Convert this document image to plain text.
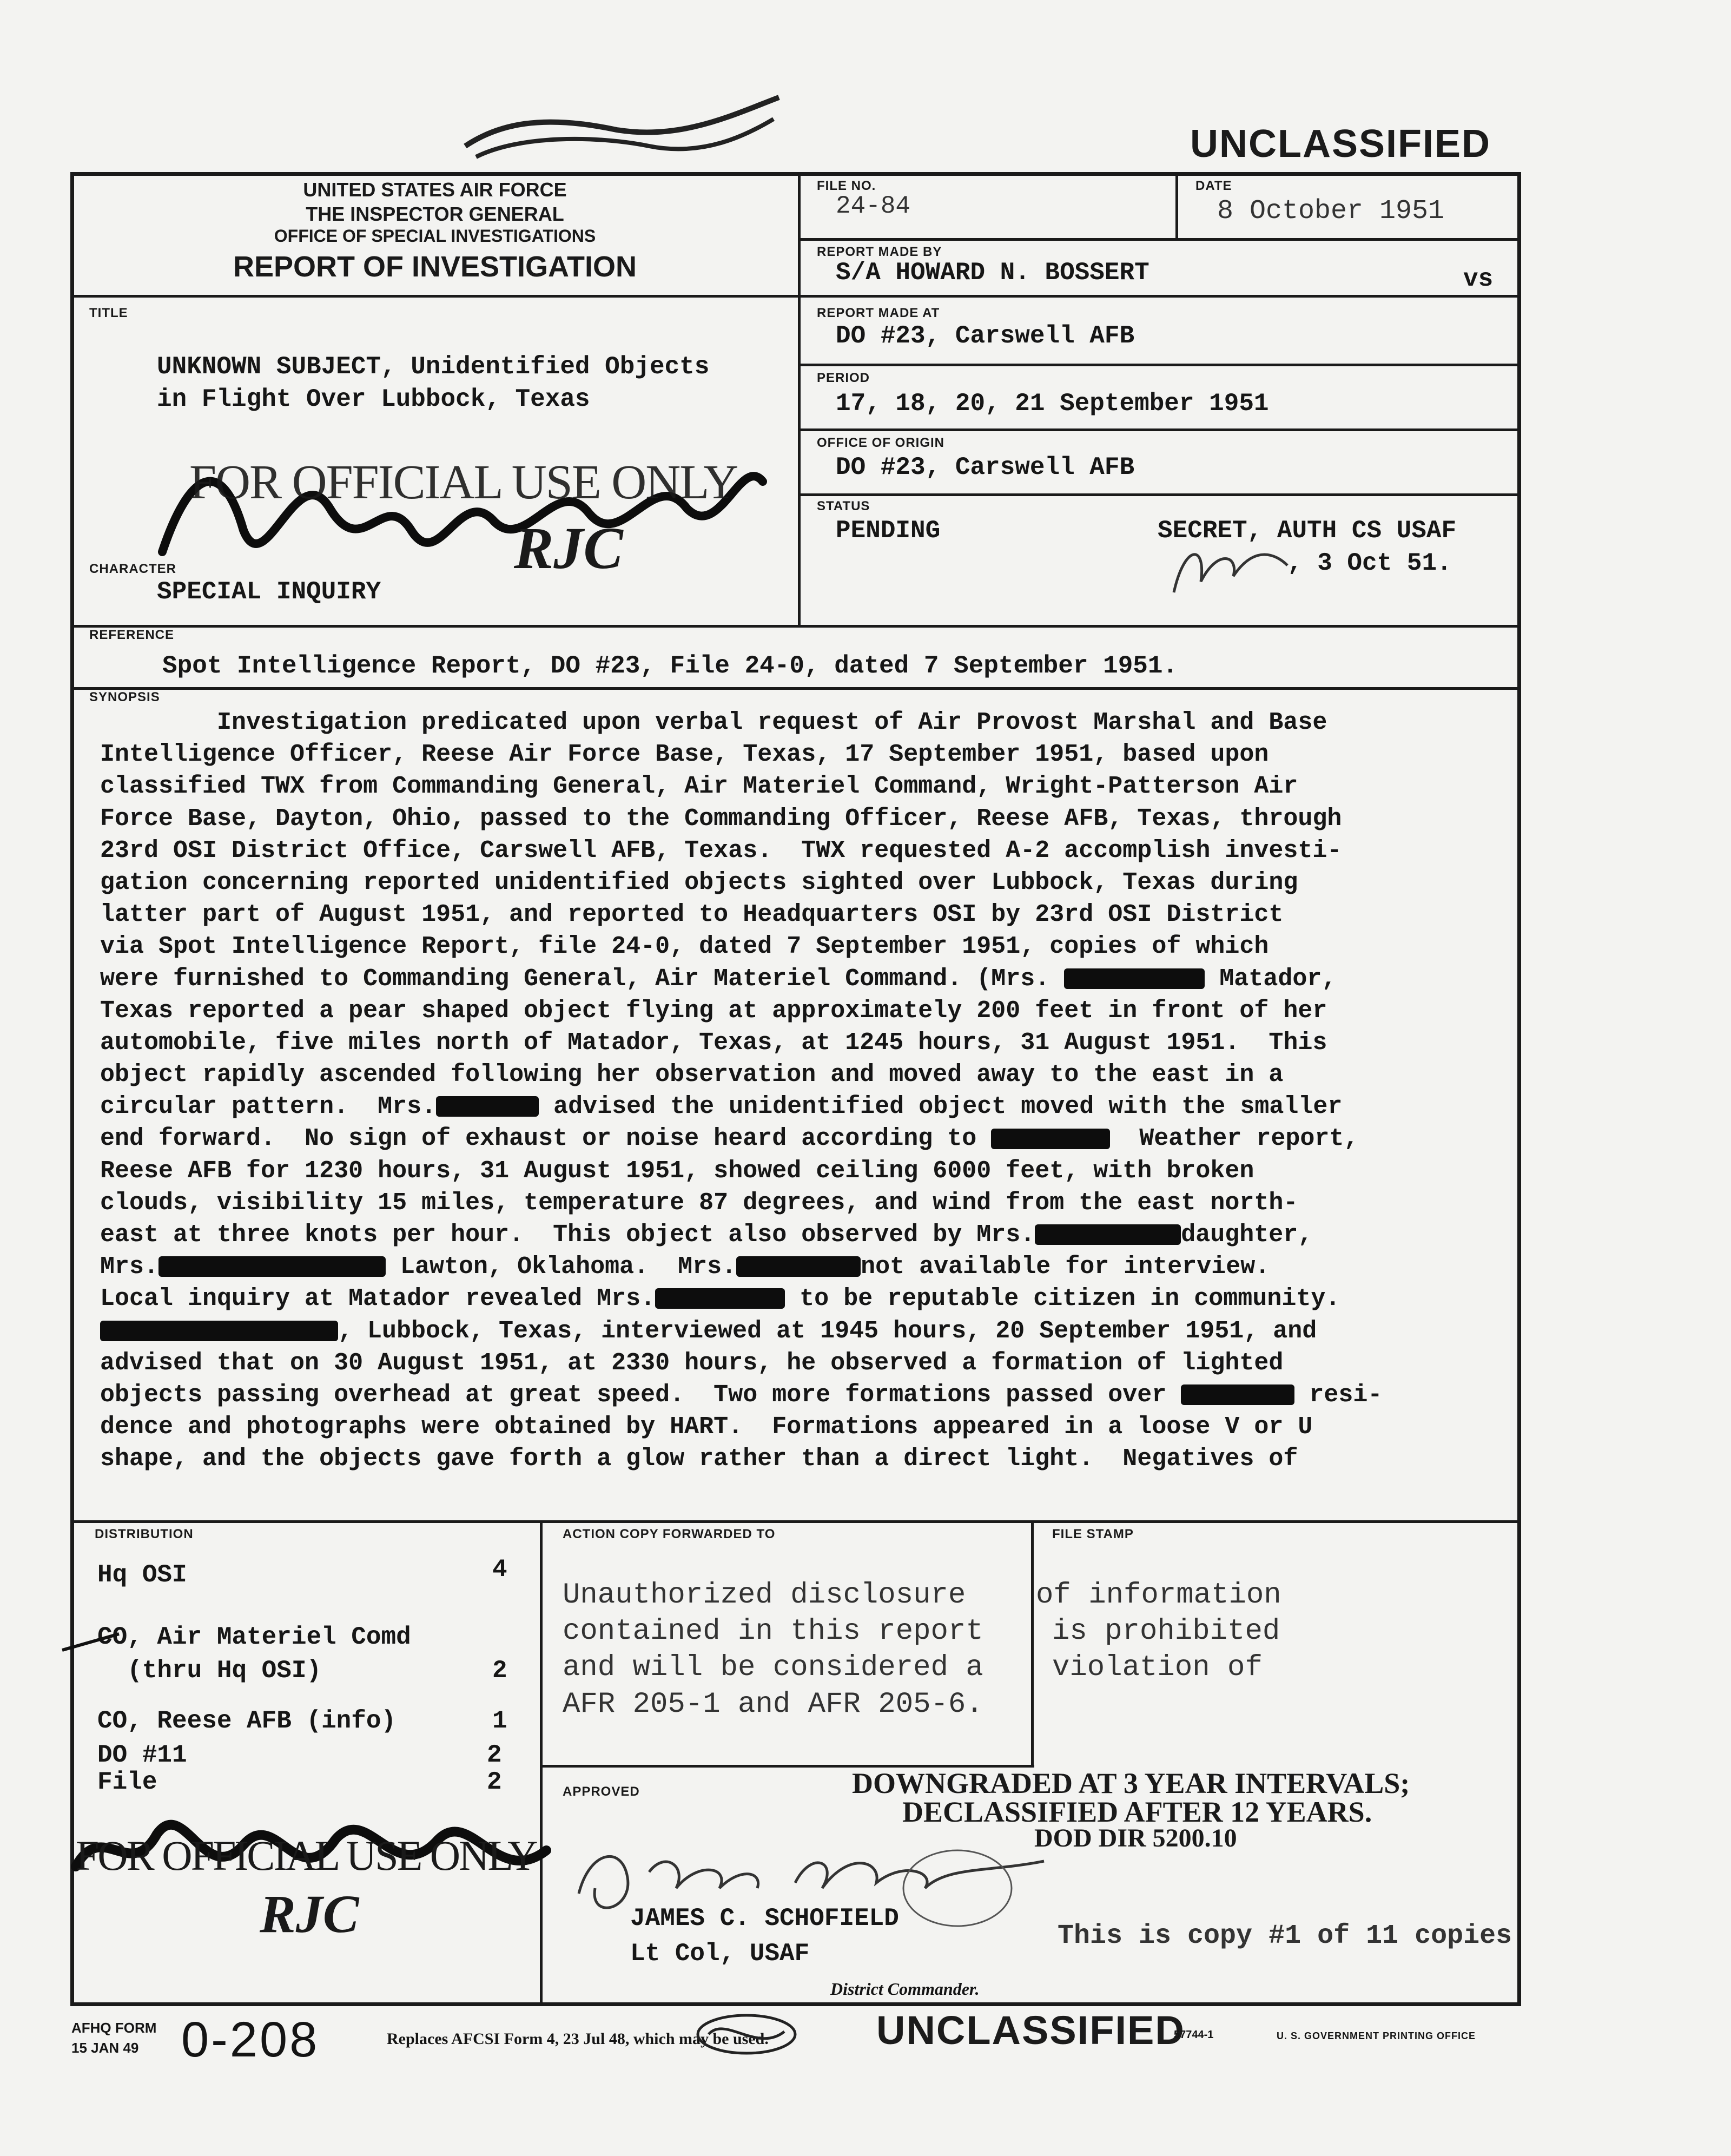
UNCLASSIFIED
UNITED STATES AIR FORCE
THE INSPECTOR GENERAL
OFFICE OF SPECIAL INVESTIGATIONS
REPORT OF INVESTIGATION
FILE NO.
24-84
DATE
8 October 1951
REPORT MADE BY
S/A HOWARD N. BOSSERT	vs
TITLE
UNKNOWN SUBJECT, Unidentified Objects
in Flight Over Lubbock, Texas
FOR OFFICIAL USE ONLY
RJC
REPORT MADE AT
DO #23, Carswell AFB
PERIOD
17, 18, 20, 21 September 1951
OFFICE OF ORIGIN
DO #23, Carswell AFB
STATUS
PENDING	SECRET, AUTH CS USAF
, 3 Oct 51.
CHARACTER
SPECIAL INQUIRY
REFERENCE
Spot Intelligence Report, DO #23, File 24-0, dated 7 September 1951.
SYNOPSIS
Investigation predicated upon verbal request of Air Provost Marshal and Base
Intelligence Officer, Reese Air Force Base, Texas, 17 September 1951, based upon
classified TWX from Commanding General, Air Materiel Command, Wright-Patterson Air
Force Base, Dayton, Ohio, passed to the Commanding Officer, Reese AFB, Texas, through
23rd OSI District Office, Carswell AFB, Texas.  TWX requested A-2 accomplish investi-
gation concerning reported unidentified objects sighted over Lubbock, Texas during
latter part of August 1951, and reported to Headquarters OSI by 23rd OSI District
via Spot Intelligence Report, file 24-0, dated 7 September 1951, copies of which
were furnished to Commanding General, Air Materiel Command. (Mrs.	Matador,
Texas reported a pear shaped object flying at approximately 200 feet in front of her
automobile, five miles north of Matador, Texas, at 1245 hours, 31 August 1951.  This
object rapidly ascended following her observation and moved away to the east in a
circular pattern.  Mrs.	advised the unidentified object moved with the smaller
end forward.  No sign of exhaust or noise heard according to	Weather report,
Reese AFB for 1230 hours, 31 August 1951, showed ceiling 6000 feet, with broken
clouds, visibility 15 miles, temperature 87 degrees, and wind from the east north-
east at three knots per hour.  This object also observed by Mrs.	daughter,
Mrs.	Lawton, Oklahoma.  Mrs.	not available for interview.
Local inquiry at Matador revealed Mrs.	to be reputable citizen in community.
, Lubbock, Texas, interviewed at 1945 hours, 20 September 1951, and
advised that on 30 August 1951, at 2330 hours, he observed a formation of lighted
objects passing overhead at great speed.  Two more formations passed over	resi-
dence and photographs were obtained by HART.  Formations appeared in a loose V or U
shape, and the objects gave forth a glow rather than a direct light.  Negatives of
DISTRIBUTION
Hq OSI	4
CO, Air Materiel Comd
(thru Hq OSI)	2
CO, Reese AFB (info)	1
DO #11	2
File	2
FOR OFFICIAL USE ONLY
RJC
ACTION COPY FORWARDED TO	FILE STAMP
Unauthorized disclosure
contained in this report
and will be considered a
AFR 205-1 and AFR 205-6.
of information
is prohibited
violation of
DOWNGRADED AT 3 YEAR INTERVALS;
DECLASSIFIED AFTER 12 YEARS.
DOD DIR 5200.10
APPROVED
JAMES C. SCHOFIELD
Lt Col, USAF
District Commander.
This is copy #1 of 11 copies
AFHQ FORM
15 JAN 49 0-208	Replaces AFCSI Form 4, 23 Jul 48, which may be used.	UNCLASSIFIED
57744-1	U. S. GOVERNMENT PRINTING OFFICE
